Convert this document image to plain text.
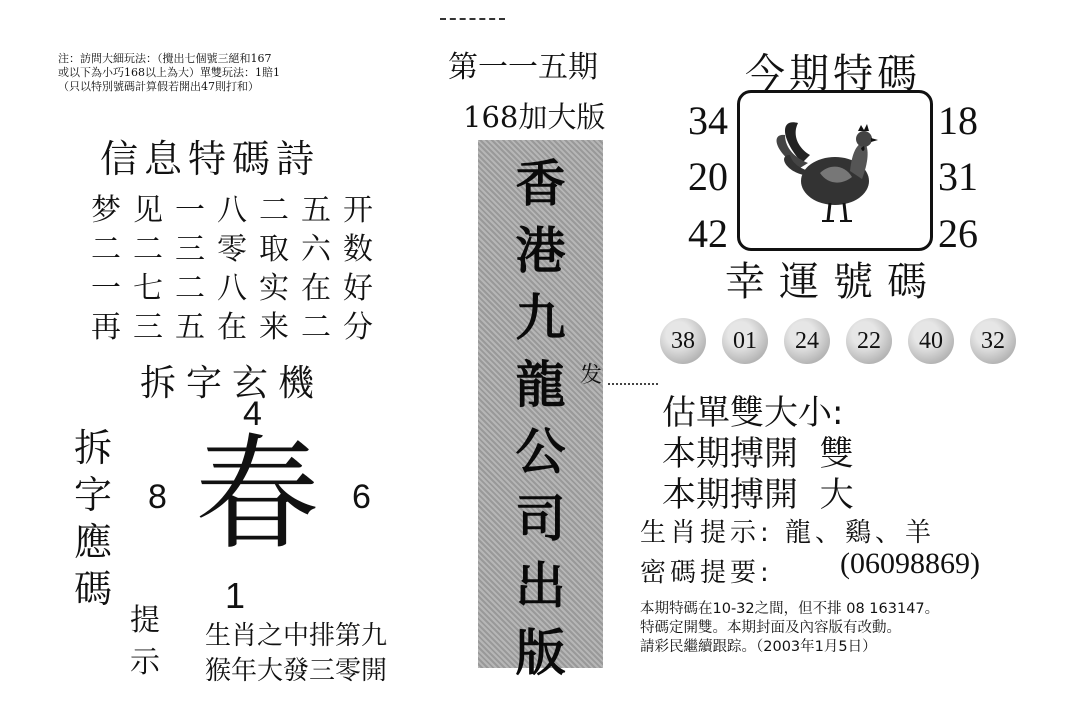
注：訪問大細玩法：（攪出七個號三絕和167
或以下為小巧168以上為大）單雙玩法：1賠1
（只以特別號碼計算假若開出47則打和）
信息特碼詩
梦 见 一 八 二 五 开
二 二 三 零 取 六 数
一 七 二 八 实 在 好
再 三 五 在 来 二 分
拆字玄機
4
拆字應碼
8 春 6
1
提示
生肖之中排第九
猴年大發三零開
第一一五期
168加大版
香
港
九
龍
公
司
出
版
发
今期特碼
34
20
42
18
31
26
幸運號碼
38	01	24	22	40	32
估單雙大小:
本期搏開  雙
本期搏開  大
生肖提示: 龍、鷄、羊
密碼提要: (06098869)
本期特碼在10-32之間，但不排 08 163147。
特碼定開雙。本期封面及內容版有改動。
請彩民繼續跟踪。（2003年1月5日）
